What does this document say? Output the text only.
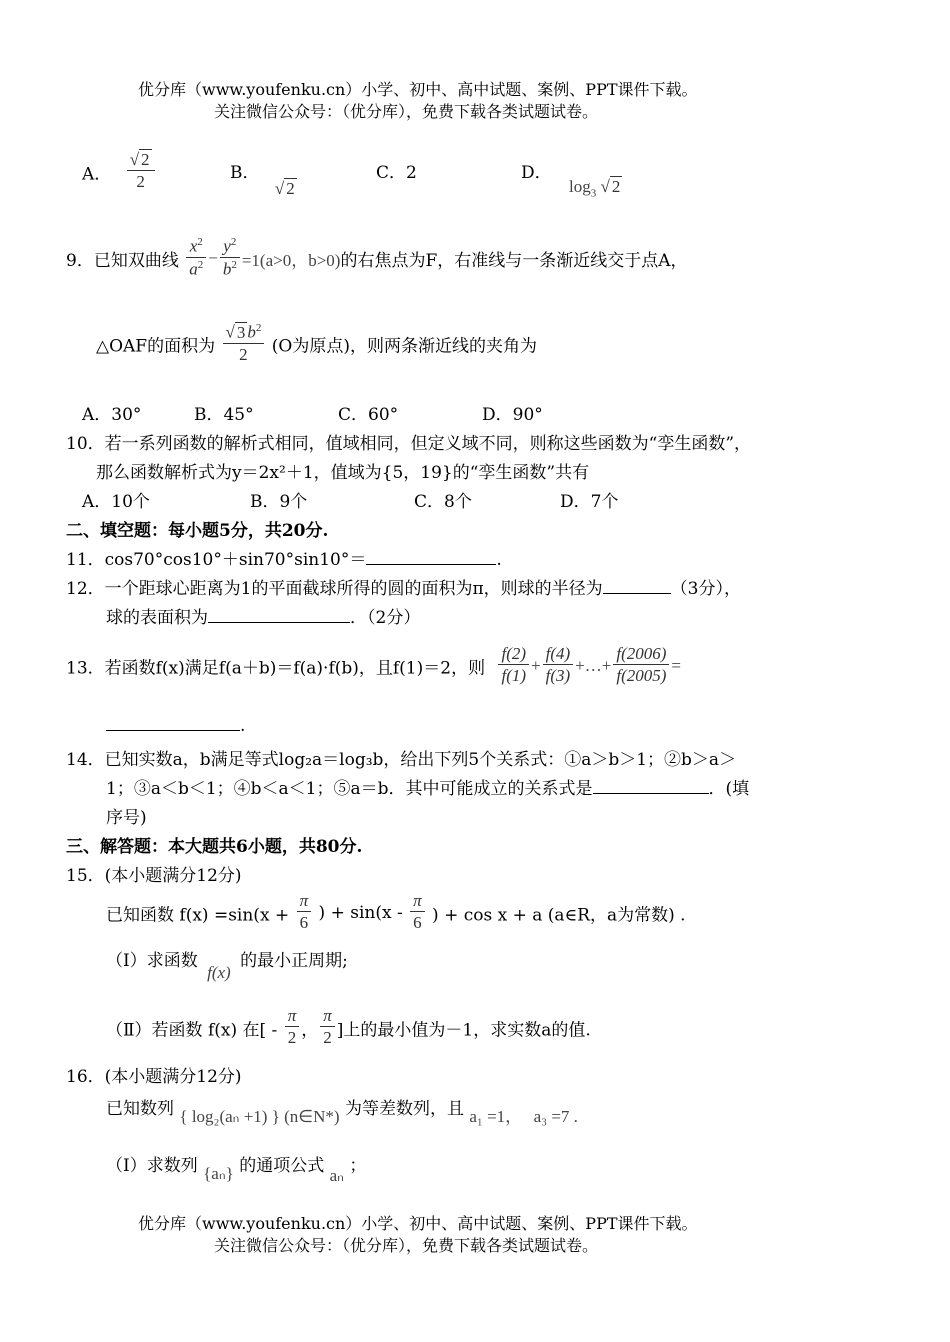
优分库（www.youfenku.cn）小学、初中、高中试题、案例、PPT课件下载。
关注微信公众号：（优分库），免费下载各类试题试卷。
A． $\frac{√ 2}{2}$	B． √ 2
C．2	D． $\log_3$ √ 2
9．已知双曲线 $\frac{x^2}{a^2} - \frac{y^2}{b^2} =1(a>0$，b>0)的右焦点为F，右准线与一条渐近线交于点A，
△OAF的面积为 $\frac{√ 3 b^2}{2} (O$为原点)，则两条渐近线的夹角为
A．30°	B．45°	C．60°	D．90°
10．若一系列函数的解析式相同，值域相同，但定义域不同，则称这些函数为“孪生函数”，
那么函数解析式为y＝2x²＋1，值域为{5，19}的“孪生函数”共有
A．10个	B．9个	C．8个	D．7个
二、填空题：每小题5分，共20分.
11．cos70°cos10°＋sin70°sin10°＝	.
12．一个距球心距离为1的平面截球所得的圆的面积为π，则球的半径为	（3分），
球的表面积为	．（2分）
13．若函数f(x)满足f(a＋b)＝f(a)·f(b)，且f(1)＝2，则 $\frac{f(2)}{f(1)} + \frac{f(4)}{f(3)}$ +…+ $\frac{f(2006)}{f(2005)}$ =
.
14．已知实数a，b满足等式log₂a＝log₃b，给出下列5个关系式：①a＞b＞1；②b＞a＞
1；③a＜b＜1；④b＜a＜1；⑤a＝b．其中可能成立的关系式是	．(填
序号)
三、解答题：本大题共6小题，共80分.
15．(本小题满分12分)
已知函数 $f(x) =\sin(x + \frac{\pi}{6}$ ) + $\sin(x - \frac{\pi}{6}$ ) + cos x + a (a∈R，a为常数) .
（Ⅰ）求函数 f(x) 的最小正周期;
（Ⅱ）若函数 f(x) 在[ - $\frac{\pi}{2}$ ， $\frac{\pi}{2}$ ]上的最小值为－1，求实数a的值.
16．(本小题满分12分)
已知数列 { log₂(aₙ +1) } (n∈N*) 为等差数列，且 a₁ =1， a₃ =7 .
（Ⅰ）求数列 {aₙ} 的通项公式 aₙ ；
优分库（www.youfenku.cn）小学、初中、高中试题、案例、PPT课件下载。
关注微信公众号：（优分库），免费下载各类试题试卷。
